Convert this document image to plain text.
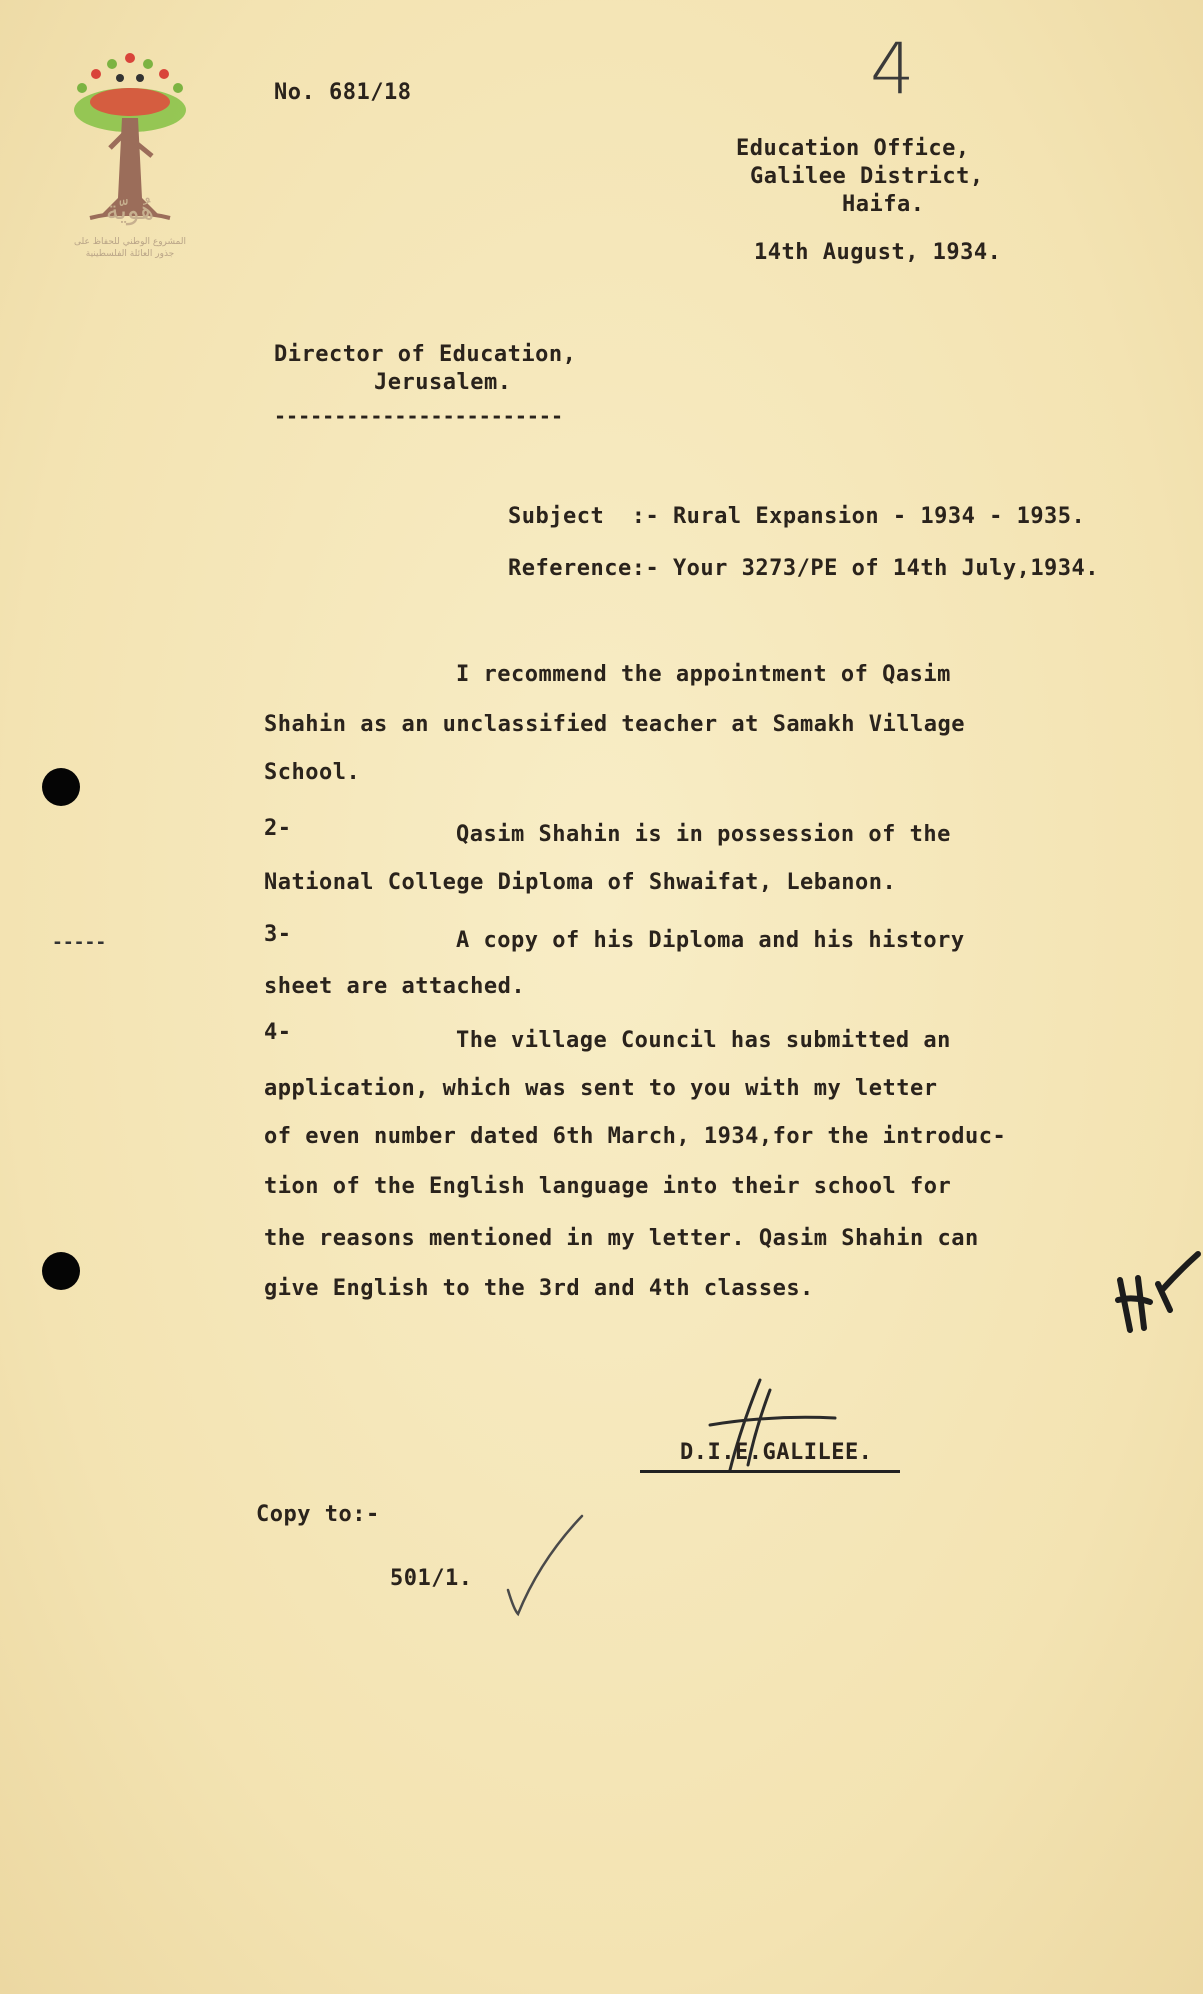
هُويّة
المشروع الوطني للحفاظ على
جذور العائلة الفلسطينية
4
No. 681/18
Education Office,
Galilee District,
Haifa.
14th August, 1934.
Director of Education,
Jerusalem.
------------------------
Subject  :- Rural Expansion - 1934 - 1935.
Reference:- Your 3273/PE of 14th July,1934.
I recommend the appointment of Qasim
Shahin as an unclassified teacher at Samakh Village
School.
2-	Qasim Shahin is in possession of the
National College Diploma of Shwaifat, Lebanon.
3-	A copy of his Diploma and his history
sheet are attached.
4-	The village Council has submitted an
application, which was sent to you with my letter
of even number dated 6th March, 1934,for the introduc-
tion of the English language into their school for
the reasons mentioned in my letter. Qasim Shahin can
give English to the 3rd and 4th classes.
D.I.E.GALILEE.
Copy to:-
501/1.
-----
